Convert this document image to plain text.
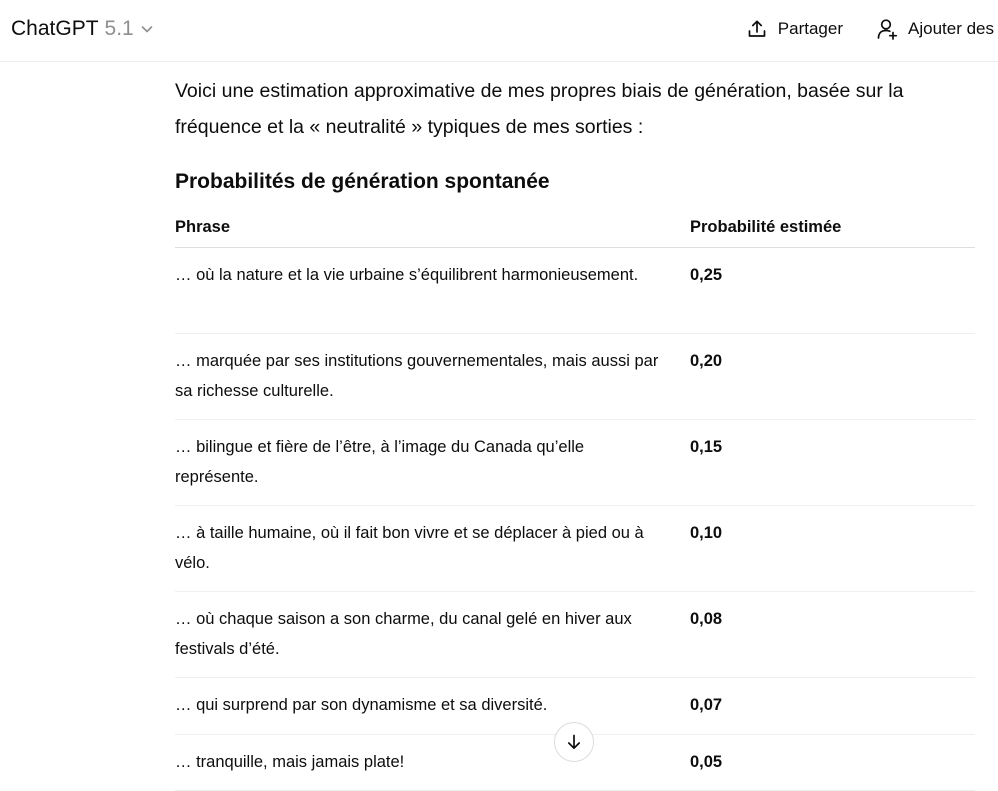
ChatGPT 5.1	Partager	Ajouter des

Voici une estimation approximative de mes propres biais de génération, basée sur la fréquence et la « neutralité » typiques de mes sorties :

Probabilités de génération spontanée
Phrase	Probabilité estimée
… où la nature et la vie urbaine s’équilibrent harmonieusement.	0,25
… marquée par ses institutions gouvernementales, mais aussi par sa richesse culturelle.	0,20
… bilingue et fière de l’être, à l’image du Canada qu’elle représente.	0,15
… à taille humaine, où il fait bon vivre et se déplacer à pied ou à vélo.	0,10
… où chaque saison a son charme, du canal gelé en hiver aux festivals d’été.	0,08
… qui surprend par son dynamisme et sa diversité.	0,07
… tranquille, mais jamais plate!	0,05
